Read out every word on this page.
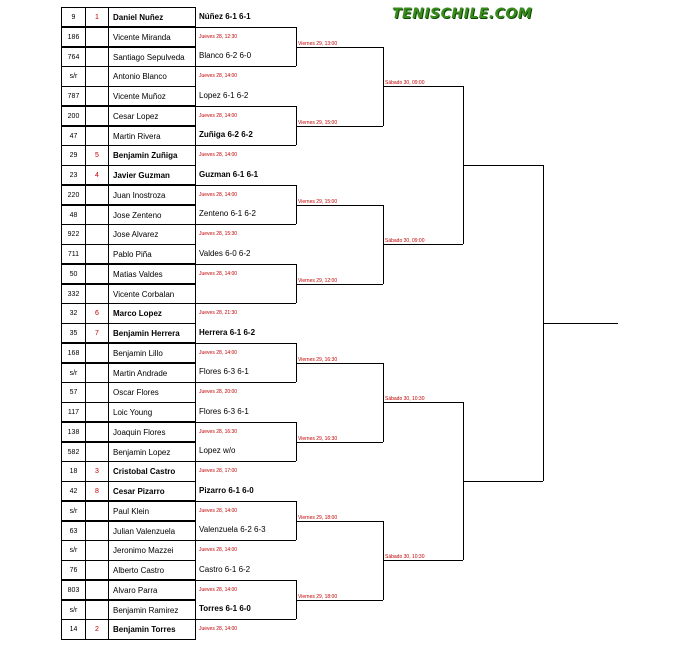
TENISCHILE.COM
9	1	Daniel Nuñez
186	Vicente Miranda
764	Santiago Sepulveda
s/r	Antonio Blanco
787	Vicente Muñoz
200	Cesar Lopez
47	Martin Rivera
29	5	Benjamin Zuñiga
23	4	Javier Guzman
220	Juan Inostroza
48	Jose Zenteno
922	Jose Alvarez
711	Pablo Piña
50	Matias Valdes
332	Vicente Corbalan
32	6	Marco Lopez
35	7	Benjamin Herrera
168	Benjamin Lillo
s/r	Martin Andrade
57	Oscar Flores
117	Loic Young
138	Joaquin Flores
582	Benjamin Lopez
18	3	Cristobal Castro
42	8	Cesar Pizarro
s/r	Paul Klein
63	Julian Valenzuela
s/r	Jeronimo Mazzei
76	Alberto Castro
803	Alvaro Parra
s/r	Benjamin Ramirez
14	2	Benjamin Torres
Núñez 6-1 6-1
Jueves 28, 12:30
Blanco 6-2 6-0
Jueves 28, 14:00
Lopez 6-1 6-2
Jueves 28, 14:00
Zuñiga 6-2 6-2
Jueves 28, 14:00
Guzman 6-1 6-1
Jueves 28, 14:00
Zenteno 6-1 6-2
Jueves 28, 15:30
Valdes 6-0 6-2
Jueves 28, 14:00
Jueves 28, 21:30
Herrera 6-1 6-2
Jueves 28, 14:00
Flores 6-3 6-1
Jueves 28, 20:00
Flores 6-3 6-1
Jueves 28, 16:30
Lopez w/o
Jueves 28, 17:00
Pizarro 6-1 6-0
Jueves 28, 14:00
Valenzuela 6-2 6-3
Jueves 28, 14:00
Castro 6-1 6-2
Jueves 28, 14:00
Torres 6-1 6-0
Jueves 28, 14:00
Viernes 29, 13:00
Viernes 29, 15:00
Viernes 29, 15:00
Viernes 29, 12:00
Viernes 29, 16:30
Viernes 29, 16:30
Viernes 29, 18:00
Viernes 29, 18:00
Sábado 30, 09:00
Sábado 30, 09:00
Sábado 30, 10:30
Sábado 30, 10:30
